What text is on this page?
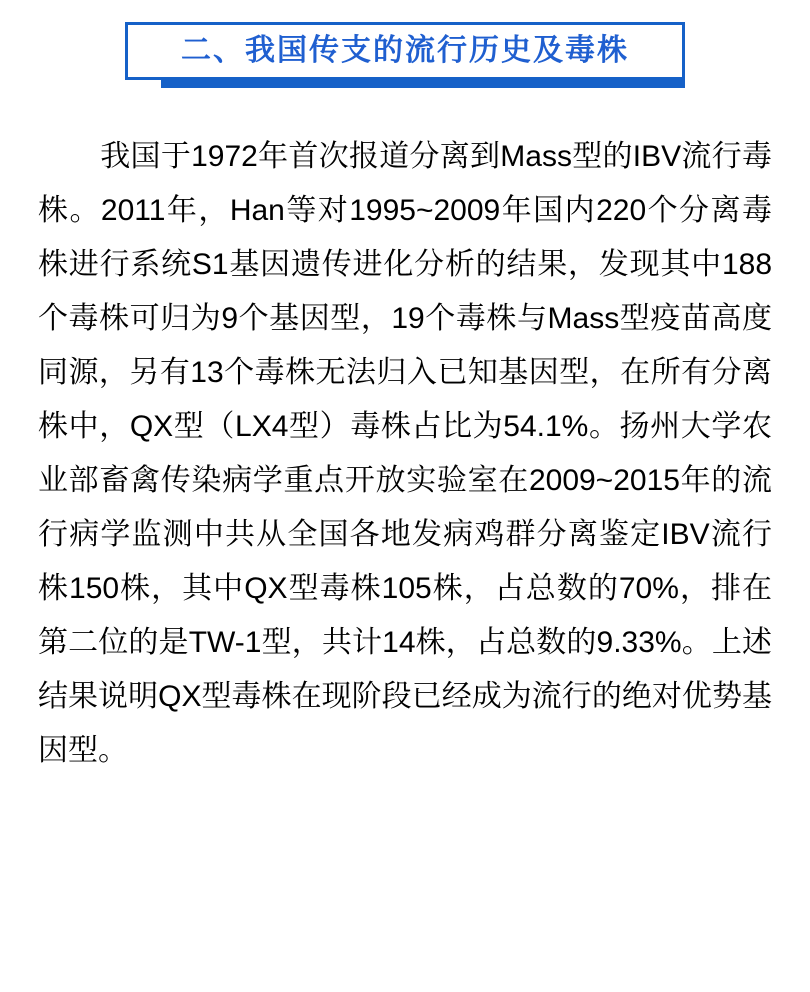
二、我国传支的流行历史及毒株
我国于1972年首次报道分离到Mass型的IBV流行毒株。2011年，Han等对1995~2009年国内220个分离毒株进行系统S1基因遗传进化分析的结果，发现其中188个毒株可归为9个基因型，19个毒株与Mass型疫苗高度同源，另有13个毒株无法归入已知基因型，在所有分离株中，QX型（LX4型）毒株占比为54.1%。扬州大学农业部畜禽传染病学重点开放实验室在2009~2015年的流行病学监测中共从全国各地发病鸡群分离鉴定IBV流行株150株，其中QX型毒株105株，占总数的70%，排在第二位的是TW-1型，共计14株，占总数的9.33%。上述结果说明QX型毒株在现阶段已经成为流行的绝对优势基因型。
